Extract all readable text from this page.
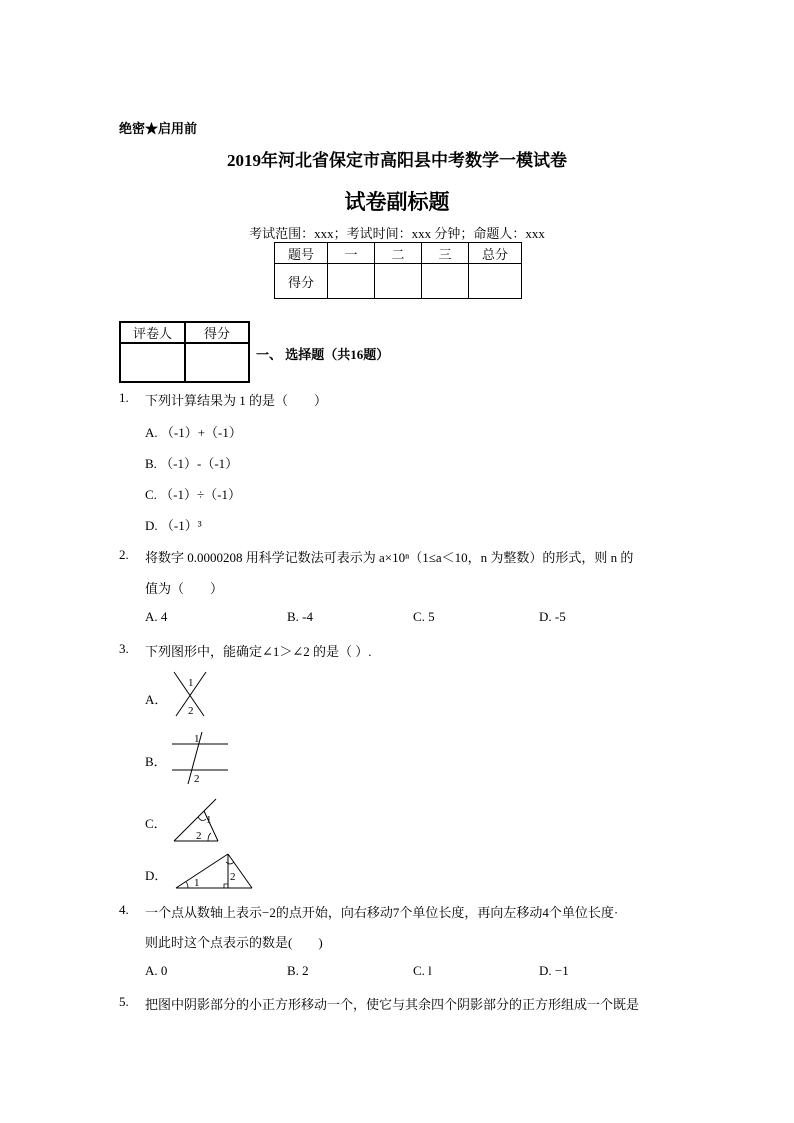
绝密★启用前
2019年河北省保定市高阳县中考数学一模试卷
试卷副标题
考试范围：xxx；考试时间：xxx 分钟；命题人：xxx
题号	一	二	三	总分
得分				
评卷人	得分

一、 选择题（共16题）
1. 下列计算结果为 1 的是（　　）
A. （-1）+（-1）
B. （-1）-（-1）
C. （-1）÷（-1）
D. （-1）³
2. 将数字 0.0000208 用科学记数法可表示为 a×10ⁿ（1≤a＜10，n 为整数）的形式，则 n 的
值为（　　）
A. 4	B. -4	C. 5	D. -5
3. 下列图形中，能确定∠1＞∠2 的是（ ）.
A．
1
2
B．
1
2
C．	1
2
D． 1	2
4. 一个点从数轴上表示−2的点开始，向右移动7个单位长度，再向左移动4个单位长度·
则此时这个点表示的数是(　　)
A. 0	B. 2	C. l	D. −1
5. 把图中阴影部分的小正方形移动一个，使它与其余四个阴影部分的正方形组成一个既是
